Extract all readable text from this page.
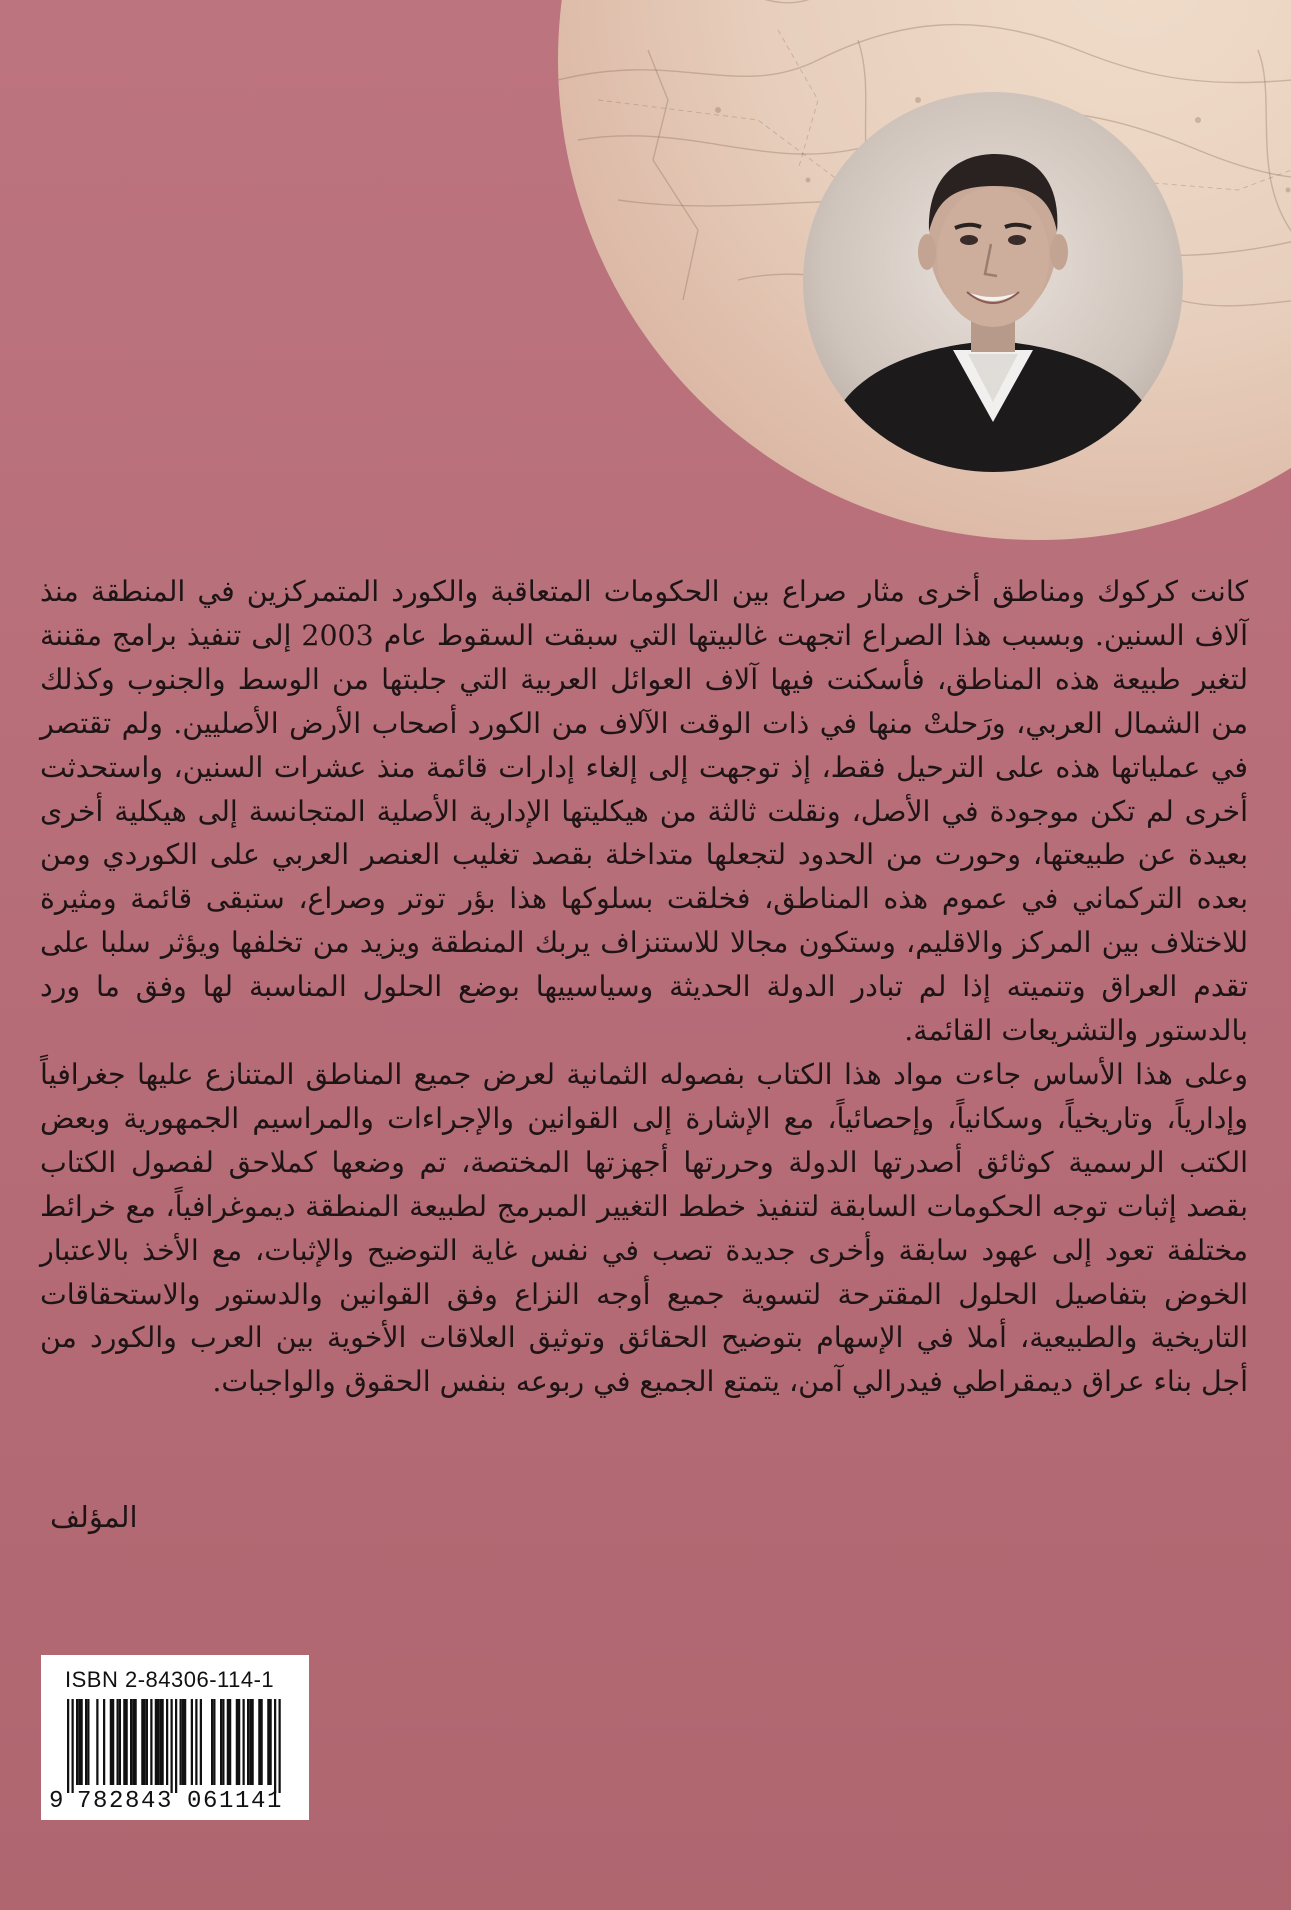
كانت كركوك ومناطق أخرى مثار صراع بين الحكومات المتعاقبة والكورد المتمركزين في المنطقة منذ آلاف السنين. وبسبب هذا الصراع اتجهت غالبيتها التي سبقت السقوط عام 2003 إلى تنفيذ برامج مقننة لتغير طبيعة هذه المناطق، فأسكنت فيها آلاف العوائل العربية التي جلبتها من الوسط والجنوب وكذلك من الشمال العربي، ورَحلتْ منها في ذات الوقت الآلاف من الكورد أصحاب الأرض الأصليين. ولم تقتصر في عملياتها هذه على الترحيل فقط، إذ توجهت إلى إلغاء إدارات قائمة منذ عشرات السنين، واستحدثت أخرى لم تكن موجودة في الأصل، ونقلت ثالثة من هيكليتها الإدارية الأصلية المتجانسة إلى هيكلية أخرى بعيدة عن طبيعتها، وحورت من الحدود لتجعلها متداخلة بقصد تغليب العنصر العربي على الكوردي ومن بعده التركماني في عموم هذه المناطق، فخلقت بسلوكها هذا بؤر توتر وصراع، ستبقى قائمة ومثيرة للاختلاف بين المركز والاقليم، وستكون مجالا للاستنزاف يربك المنطقة ويزيد من تخلفها ويؤثر سلبا على تقدم العراق وتنميته إذا لم تبادر الدولة الحديثة وسياسييها بوضع الحلول المناسبة لها وفق ما ورد بالدستور والتشريعات القائمة.

وعلى هذا الأساس جاءت مواد هذا الكتاب بفصوله الثمانية لعرض جميع المناطق المتنازع عليها جغرافياً وإدارياً، وتاريخياً، وسكانياً، وإحصائياً، مع الإشارة إلى القوانين والإجراءات والمراسيم الجمهورية وبعض الكتب الرسمية كوثائق أصدرتها الدولة وحررتها أجهزتها المختصة، تم وضعها كملاحق لفصول الكتاب بقصد إثبات توجه الحكومات السابقة لتنفيذ خطط التغيير المبرمج لطبيعة المنطقة ديموغرافياً، مع خرائط مختلفة تعود إلى عهود سابقة وأخرى جديدة تصب في نفس غاية التوضيح والإثبات، مع الأخذ بالاعتبار الخوض بتفاصيل الحلول المقترحة لتسوية جميع أوجه النزاع وفق القوانين والدستور والاستحقاقات التاريخية والطبيعية، أملا في الإسهام بتوضيح الحقائق وتوثيق العلاقات الأخوية بين العرب والكورد من أجل بناء عراق ديمقراطي فيدرالي آمن، يتمتع الجميع في ربوعه بنفس الحقوق والواجبات.

المؤلف
ISBN 2-84306-114-1
9 782843 061141
